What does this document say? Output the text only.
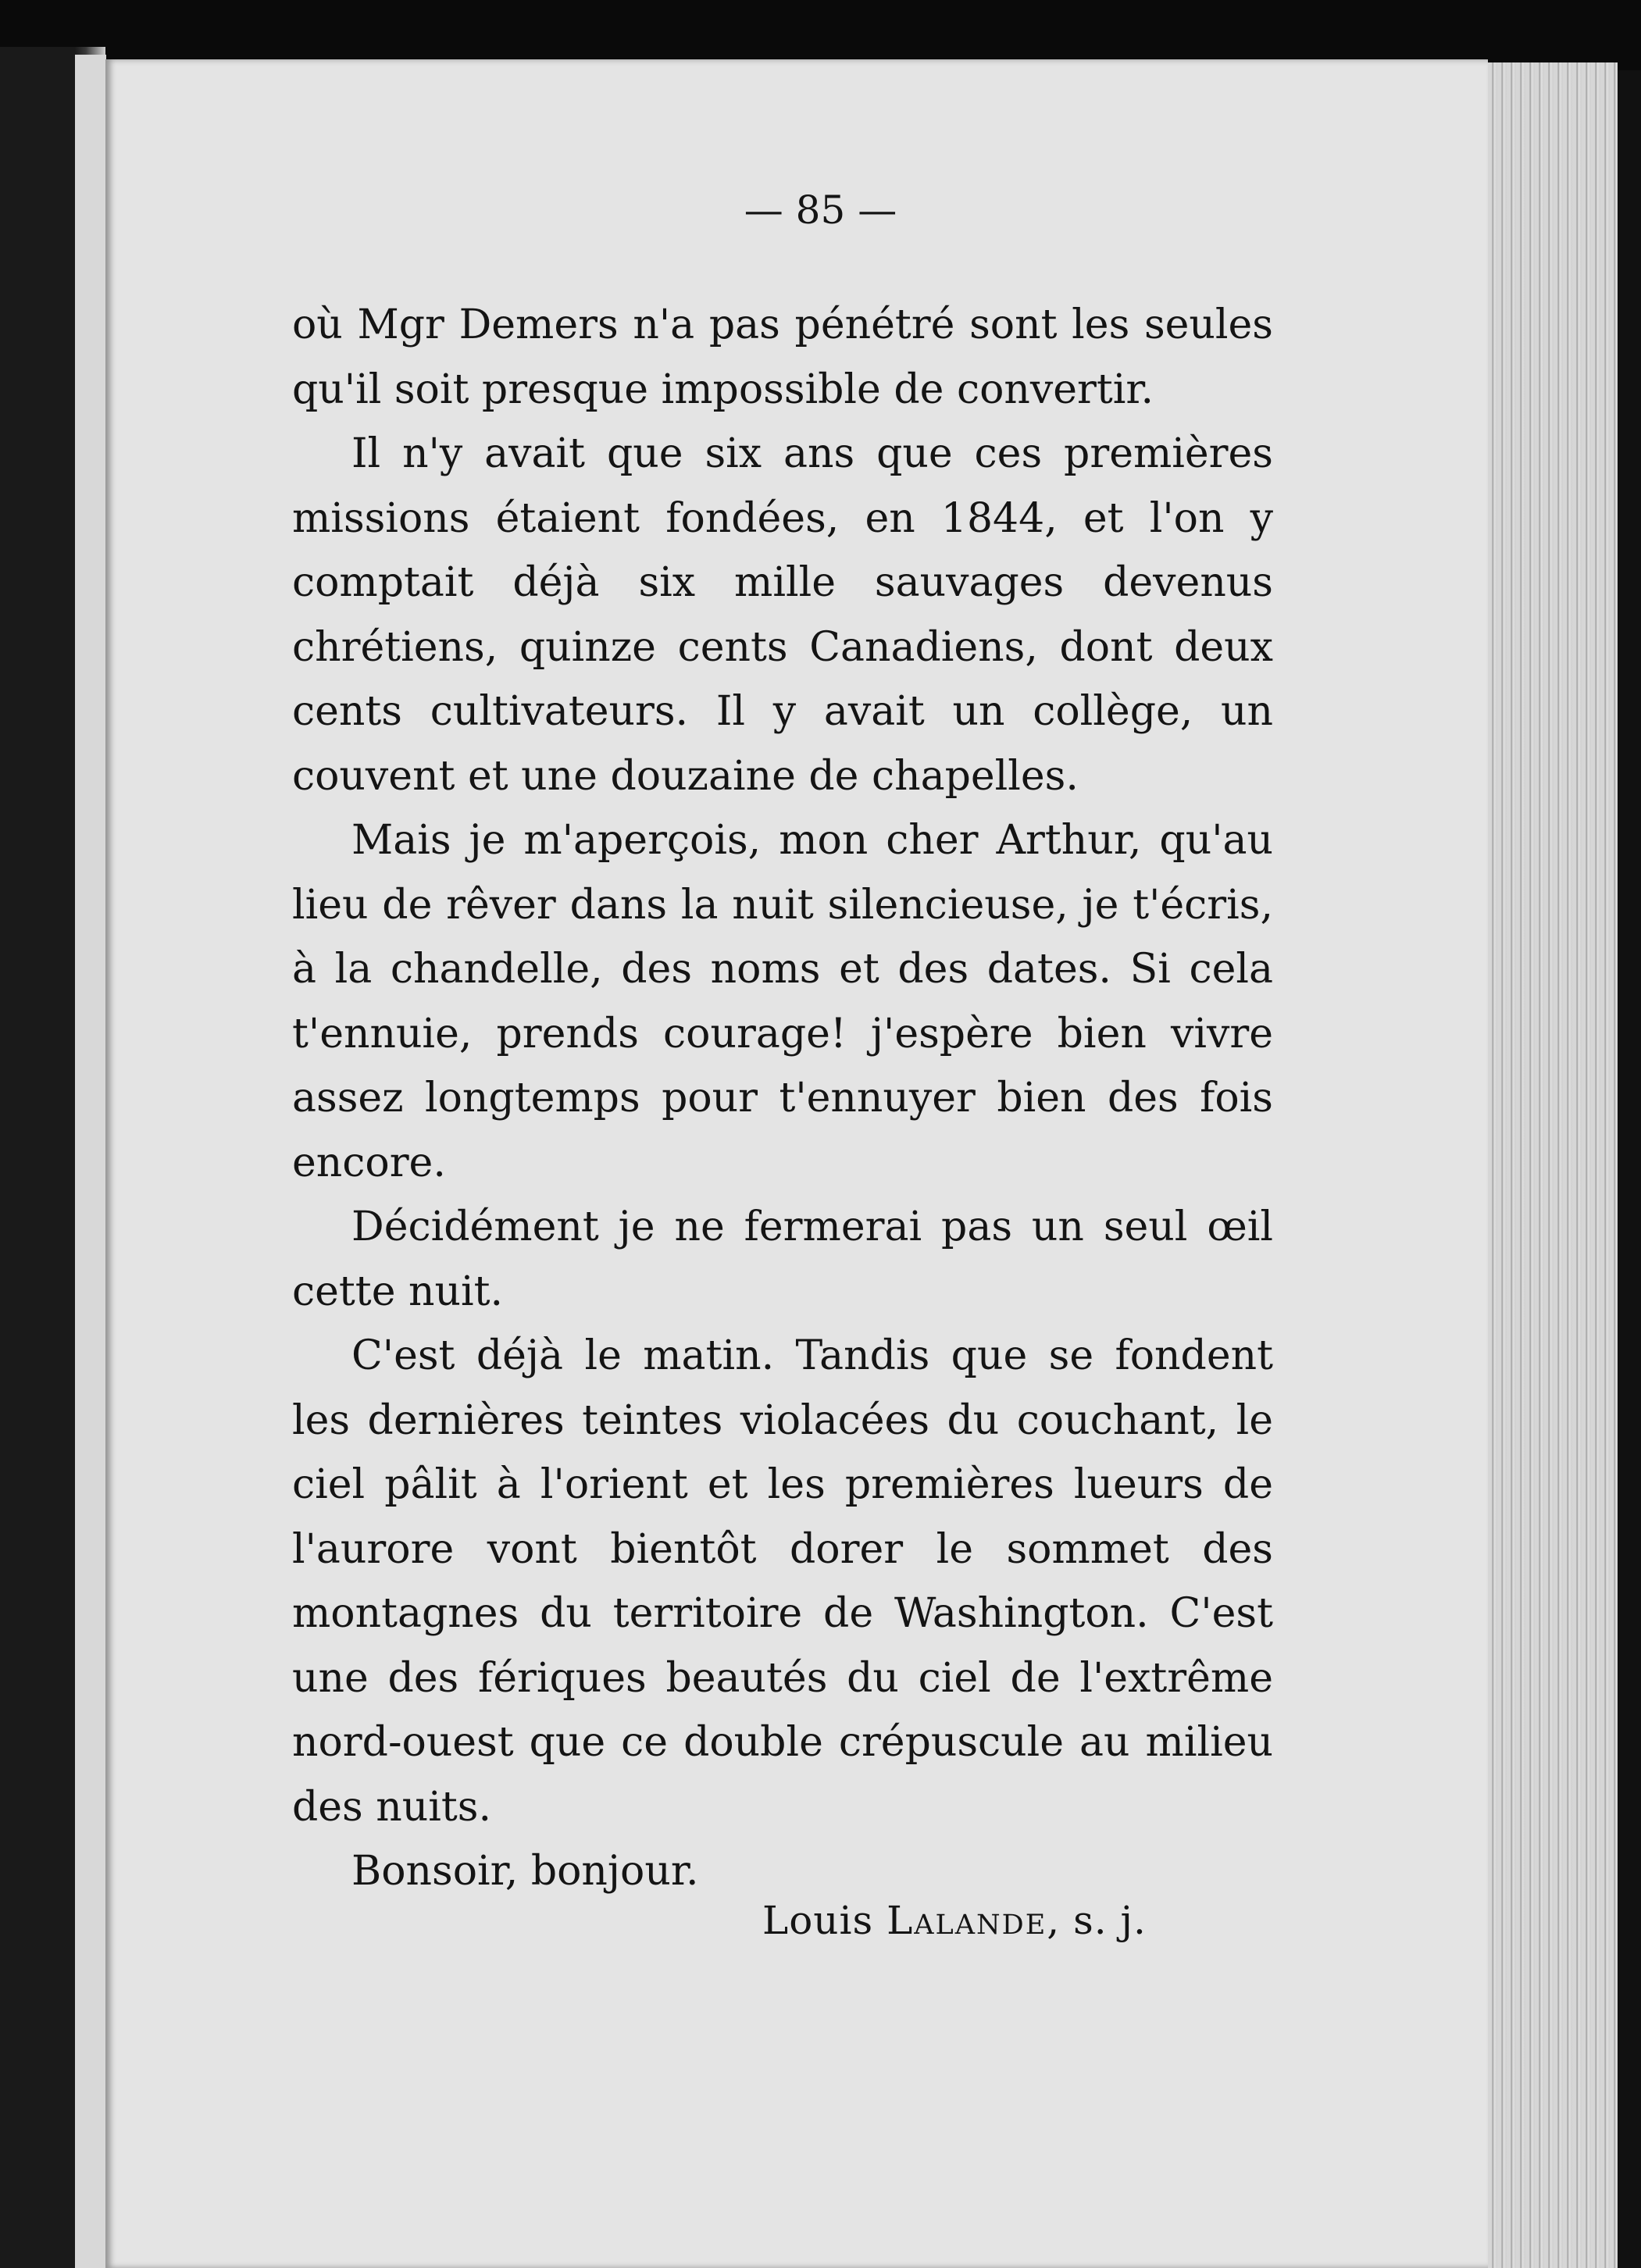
— 85 —

où Mgr Demers n'a pas pénétré sont les seules qu'il soit presque impossible de convertir.

Il n'y avait que six ans que ces premières missions étaient fondées, en 1844, et l'on y comptait déjà six mille sauvages devenus chrétiens, quinze cents Canadiens, dont deux cents cultivateurs. Il y avait un collège, un couvent et une douzaine de chapelles.

Mais je m'aperçois, mon cher Arthur, qu'au lieu de rêver dans la nuit silencieuse, je t'écris, à la chandelle, des noms et des dates. Si cela t'ennuie, prends courage! j'espère bien vivre assez longtemps pour t'ennuyer bien des fois encore.

Décidément je ne fermerai pas un seul œil cette nuit.

C'est déjà le matin. Tandis que se fondent les dernières teintes violacées du couchant, le ciel pâlit à l'orient et les premières lueurs de l'aurore vont bientôt dorer le sommet des montagnes du territoire de Washington. C'est une des fériques beautés du ciel de l'extrême nord-ouest que ce double crépuscule au milieu des nuits.

Bonsoir, bonjour.

Louis Lalande, s. j.
